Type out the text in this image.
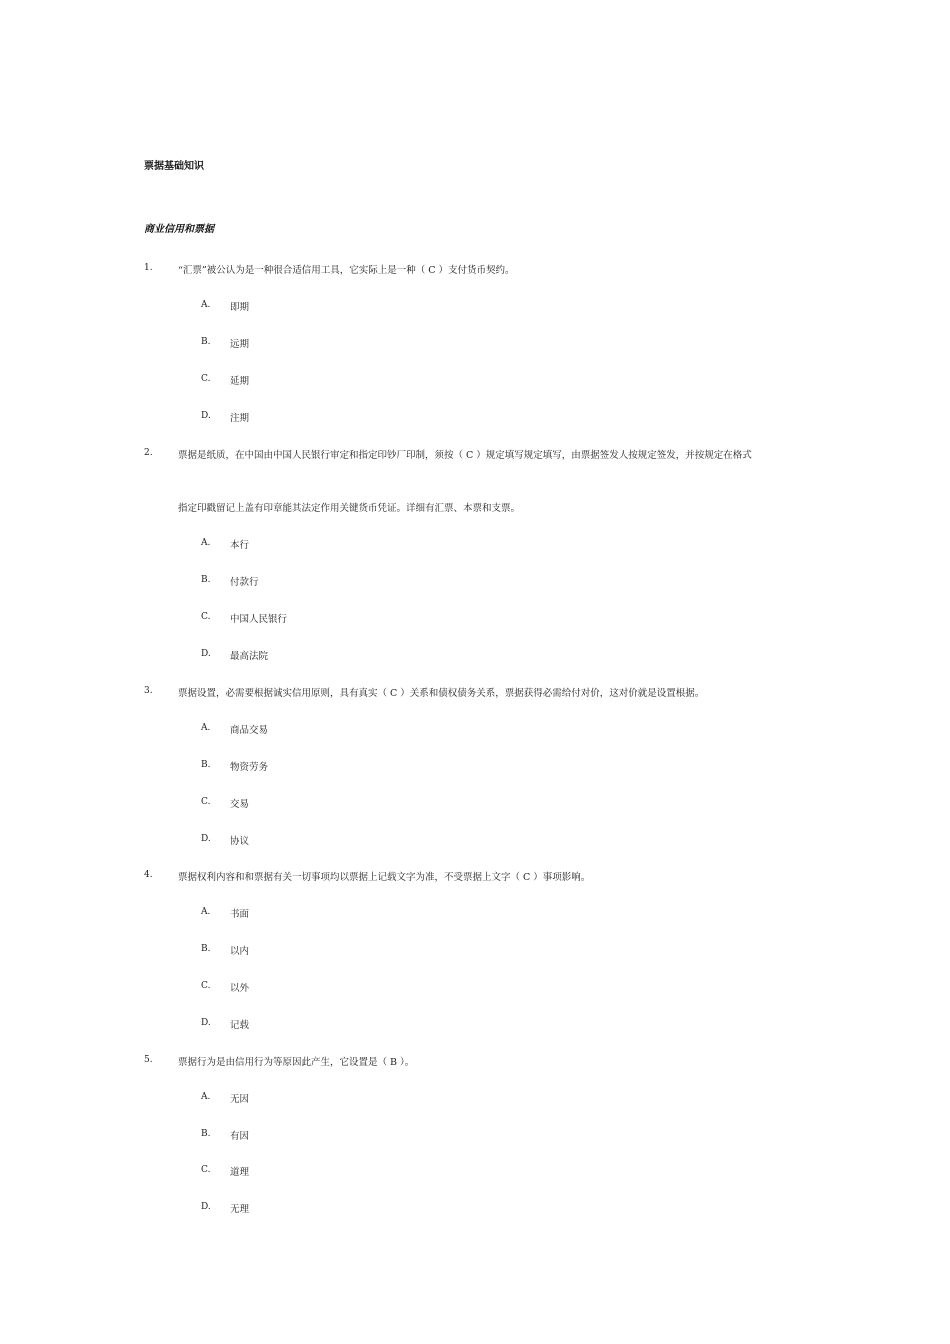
票据基础知识
商业信用和票据
1.	“汇票”被公认为是一种很合适信用工具，它实际上是一种（ C ）支付货币契约。
A. 即期
B. 远期
C. 延期
D. 注期
2.	票据是纸质，在中国由中国人民银行审定和指定印钞厂印制，须按（ C ）规定填写规定填写，由票据签发人按规定签发，并按规定在格式
指定印戳留记上盖有印章能其法定作用关键货币凭证。详细有汇票、本票和支票。
A. 本行
B. 付款行
C. 中国人民银行
D. 最高法院
3.	票据设置，必需要根据诚实信用原则，具有真实（ C ）关系和债权债务关系，票据获得必需给付对价，这对价就是设置根据。
A. 商品交易
B. 物资劳务
C. 交易
D. 协议
4.	票据权利内容和和票据有关一切事项均以票据上记载文字为准，不受票据上文字（ C ）事项影响。
A. 书面
B. 以内
C. 以外
D. 记载
5.	票据行为是由信用行为等原因此产生，它设置是（ B ）。
A. 无因
B. 有因
C. 道理
D. 无理
